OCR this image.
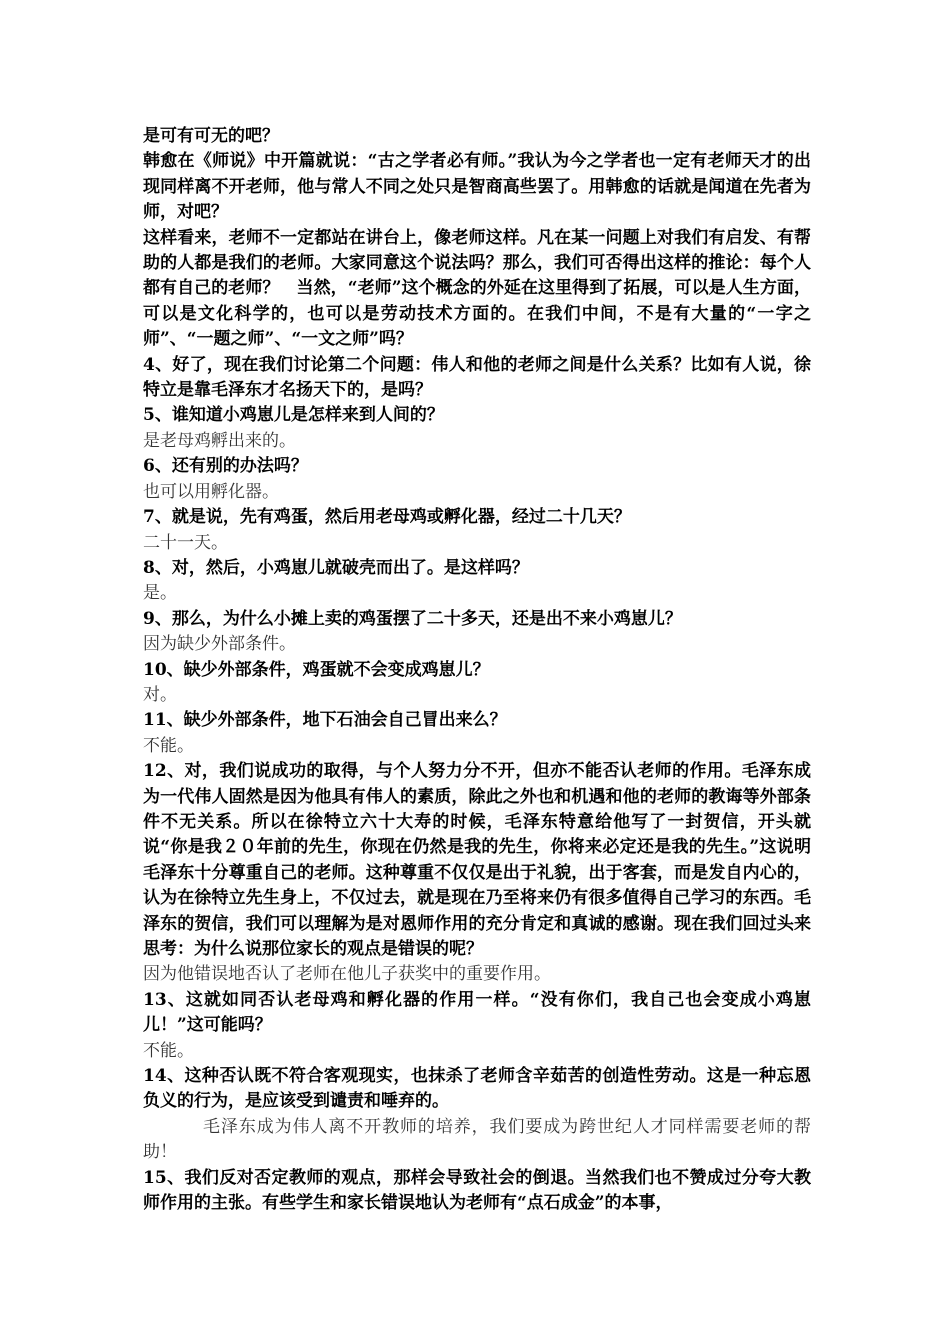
是可有可无的吧？

韩愈在《师说》中开篇就说：“古之学者必有师。”我认为今之学者也一定有老师天才的出现同样离不开老师，他与常人不同之处只是智商高些罢了。用韩愈的话就是闻道在先者为师，对吧？

这样看来，老师不一定都站在讲台上，像老师这样。凡在某一问题上对我们有启发、有帮助的人都是我们的老师。大家同意这个说法吗？那么，我们可否得出这样的推论：每个人都有自己的老师？　当然，“老师”这个概念的外延在这里得到了拓展，可以是人生方面，可以是文化科学的，也可以是劳动技术方面的。在我们中间，不是有大量的“一字之师”、“一题之师”、“一文之师”吗？

4、好了，现在我们讨论第二个问题：伟人和他的老师之间是什么关系？比如有人说，徐特立是靠毛泽东才名扬天下的，是吗？

5、谁知道小鸡崽儿是怎样来到人间的？

是老母鸡孵出来的。

6、还有别的办法吗？

也可以用孵化器。

7、就是说，先有鸡蛋，然后用老母鸡或孵化器，经过二十几天？

二十一天。

8、对，然后，小鸡崽儿就破壳而出了。是这样吗？

是。

9、那么，为什么小摊上卖的鸡蛋摆了二十多天，还是出不来小鸡崽儿？

因为缺少外部条件。

10、缺少外部条件，鸡蛋就不会变成鸡崽儿？

对。

11、缺少外部条件，地下石油会自己冒出来么？

不能。

12、对，我们说成功的取得，与个人努力分不开，但亦不能否认老师的作用。毛泽东成为一代伟人固然是因为他具有伟人的素质，除此之外也和机遇和他的老师的教诲等外部条件不无关系。所以在徐特立六十大寿的时候，毛泽东特意给他写了一封贺信，开头就说“你是我２０年前的先生，你现在仍然是我的先生，你将来必定还是我的先生。”这说明毛泽东十分尊重自己的老师。这种尊重不仅仅是出于礼貌，出于客套，而是发自内心的，认为在徐特立先生身上，不仅过去，就是现在乃至将来仍有很多值得自己学习的东西。毛泽东的贺信，我们可以理解为是对恩师作用的充分肯定和真诚的感谢。现在我们回过头来思考：为什么说那位家长的观点是错误的呢？

因为他错误地否认了老师在他儿子获奖中的重要作用。

13、这就如同否认老母鸡和孵化器的作用一样。“没有你们，我自己也会变成小鸡崽儿！”这可能吗？

不能。

14、这种否认既不符合客观现实，也抹杀了老师含辛茹苦的创造性劳动。这是一种忘恩负义的行为，是应该受到谴责和唾弃的。

毛泽东成为伟人离不开教师的培养，我们要成为跨世纪人才同样需要老师的帮助！

15、我们反对否定教师的观点，那样会导致社会的倒退。当然我们也不赞成过分夸大教师作用的主张。有些学生和家长错误地认为老师有“点石成金”的本事，
